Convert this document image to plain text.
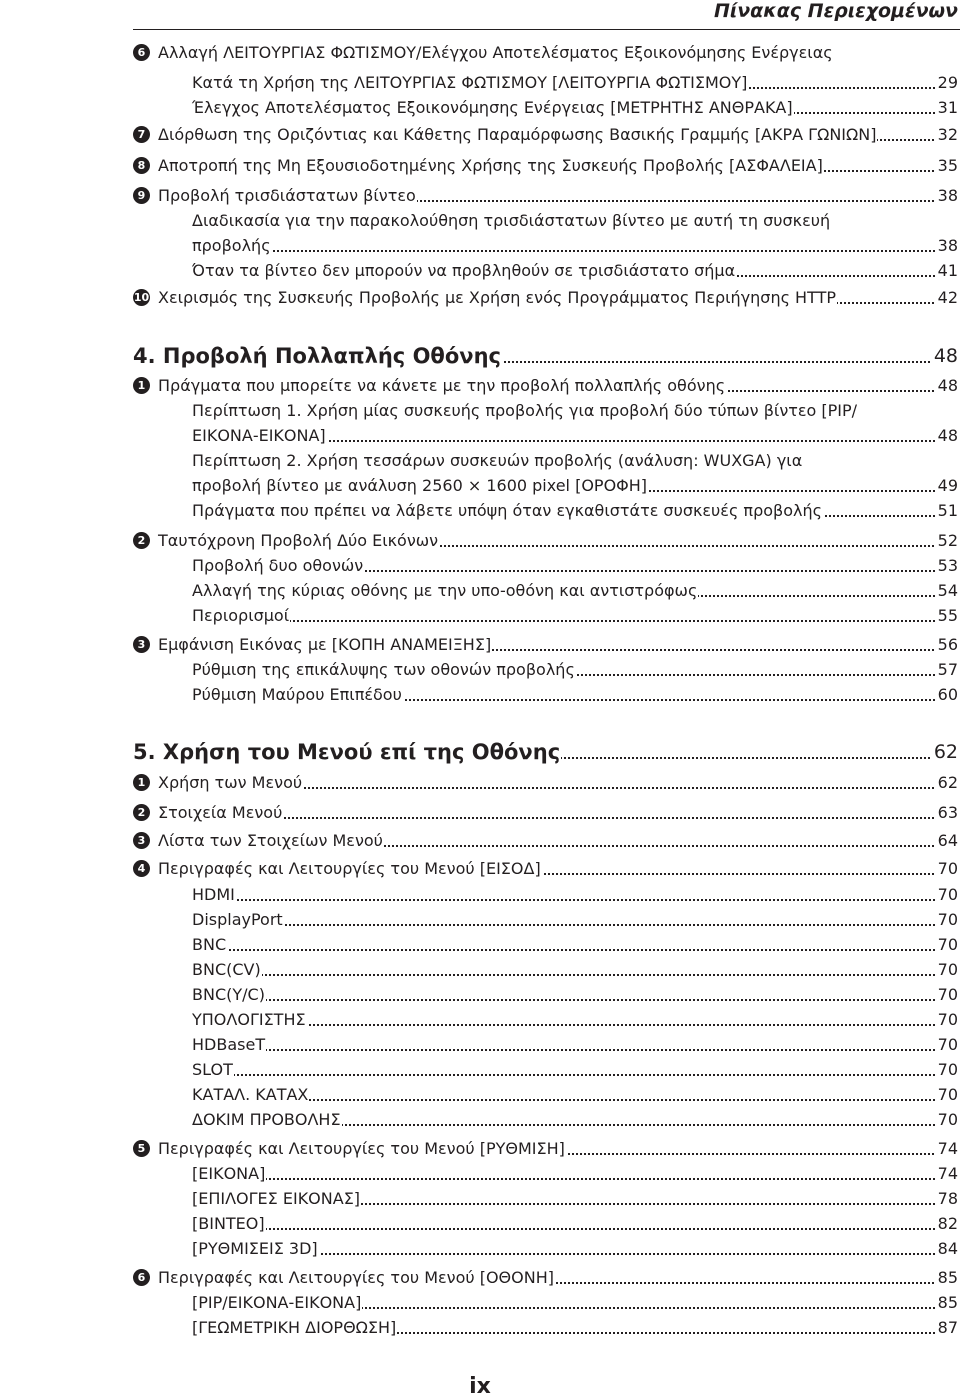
Πίνακας Περιεχομένων
6 Αλλαγή ΛΕΙΤΟΥΡΓΙΑΣ ΦΩΤΙΣΜΟΥ/Ελέγχου Αποτελέσματος Εξοικονόμησης Ενέργειας
Κατά τη Χρήση της ΛΕΙΤΟΥΡΓΙΑΣ ΦΩΤΙΣΜΟΥ [ΛΕΙΤΟΥΡΓΙΑ ΦΩΤΙΣΜΟΥ]	29
Έλεγχος Αποτελέσματος Εξοικονόμησης Ενέργειας [ΜΕΤΡΗΤΗΣ ΑΝΘΡΑΚΑ]	31
7 Διόρθωση της Οριζόντιας και Κάθετης Παραμόρφωσης Βασικής Γραμμής [ΑΚΡΑ ΓΩΝΙΩΝ]	32
8 Αποτροπή της Μη Εξουσιοδοτημένης Χρήσης της Συσκευής Προβολής [ΑΣΦΑΛΕΙΑ]	35
9 Προβολή τρισδιάστατων βίντεο	38
Διαδικασία για την παρακολούθηση τρισδιάστατων βίντεο με αυτή τη συσκευή
προβολής	38
Όταν τα βίντεο δεν μπορούν να προβληθούν σε τρισδιάστατο σήμα	41
10 Χειρισμός της Συσκευής Προβολής με Χρήση ενός Προγράμματος Περιήγησης HTTP	42
4. Προβολή Πολλαπλής Οθόνης	48
1 Πράγματα που μπορείτε να κάνετε με την προβολή πολλαπλής οθόνης	48
Περίπτωση 1. Χρήση μίας συσκευής προβολής για προβολή δύο τύπων βίντεο [PIP/
ΕΙΚΟΝΑ-ΕΙΚΟΝΑ]	48
Περίπτωση 2. Χρήση τεσσάρων συσκευών προβολής (ανάλυση: WUXGA) για
προβολή βίντεο με ανάλυση 2560 × 1600 pixel [ΟΡΟΦΗ]	49
Πράγματα που πρέπει να λάβετε υπόψη όταν εγκαθιστάτε συσκευές προβολής	51
2 Ταυτόχρονη Προβολή Δύο Εικόνων	52
Προβολή δυο οθονών	53
Αλλαγή της κύριας οθόνης με την υπο-οθόνη και αντιστρόφως	54
Περιορισμοί	55
3 Εμφάνιση Εικόνας με [ΚΟΠΗ ΑΝΑΜΕΙΞΗΣ]	56
Ρύθμιση της επικάλυψης των οθονών προβολής	57
Ρύθμιση Μαύρου Επιπέδου	60
5. Χρήση του Μενού επί της Οθόνης	62
1 Χρήση των Μενού	62
2 Στοιχεία Μενού	63
3 Λίστα των Στοιχείων Μενού	64
4 Περιγραφές και Λειτουργίες του Μενού [ΕΙΣΟΔ]	70
HDMI	70
DisplayPort	70
BNC	70
BNC(CV)	70
BNC(Y/C)	70
ΥΠΟΛΟΓΙΣΤΗΣ	70
HDBaseT	70
SLOT	70
ΚΑΤΑΛ. ΚΑΤΑΧ	70
ΔΟΚΙΜ ΠΡΟΒΟΛΗΣ	70
5 Περιγραφές και Λειτουργίες του Μενού [ΡΥΘΜΙΣΗ]	74
[ΕΙΚΟΝΑ]	74
[ΕΠΙΛΟΓΕΣ ΕΙΚΟΝΑΣ]	78
[ΒΙΝΤΕΟ]	82
[ΡΥΘΜΙΣΕΙΣ 3D]	84
6 Περιγραφές και Λειτουργίες του Μενού [ΟΘΟΝΗ]	85
[PIP/ΕΙΚΟΝΑ-ΕΙΚΟΝΑ]	85
[ΓΕΩΜΕΤΡΙΚΗ ΔΙΟΡΘΩΣΗ]	87
ix
